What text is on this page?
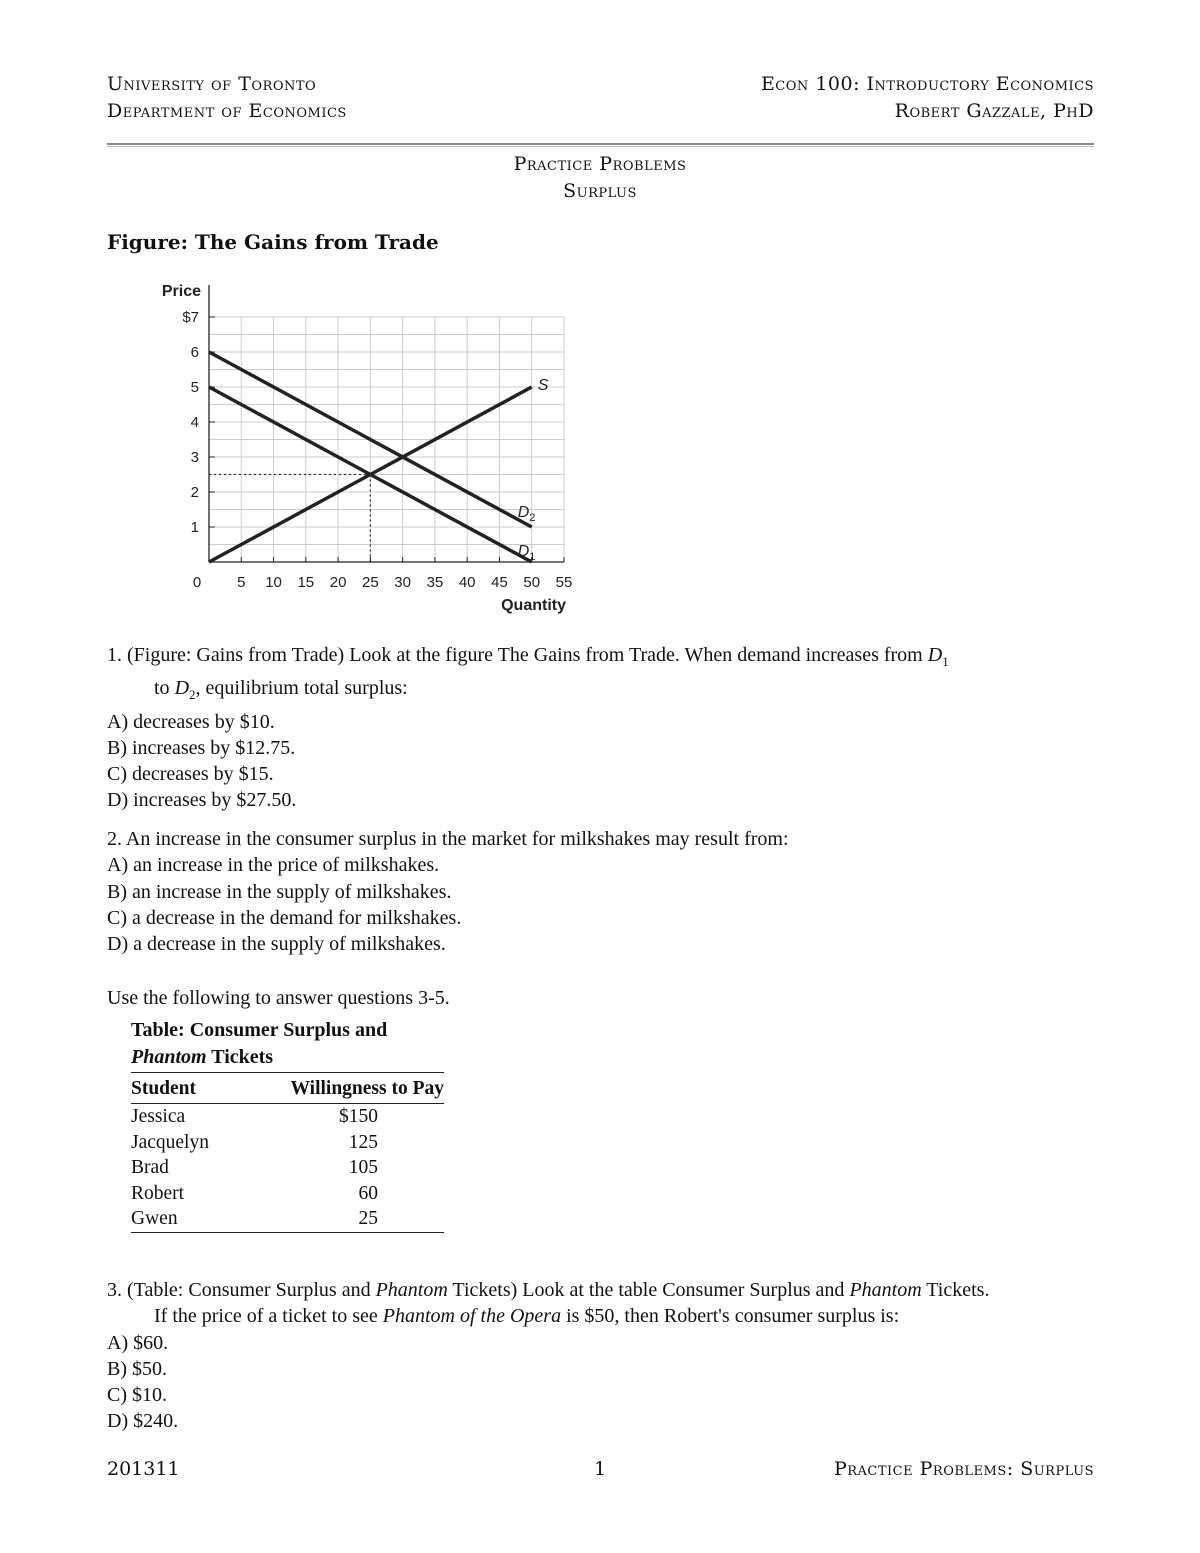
University of Toronto
Department of Economics
Econ 100: Introductory Economics
Robert Gazzale, PhD
Practice Problems
Surplus
Figure: The Gains from Trade
0 5 10 15 20 25 30 35 40 45 50 55
1
2
3
4
5
6
$7
Price
Quantity
S
$D_2$
$D_1$
1. (Figure: Gains from Trade) Look at the figure The Gains from Trade. When demand increases from $D_1$
to $D_2$, equilibrium total surplus:
A) decreases by $10.
B) increases by $12.75.
C) decreases by $15.
D) increases by $27.50.
2. An increase in the consumer surplus in the market for milkshakes may result from:
A) an increase in the price of milkshakes.
B) an increase in the supply of milkshakes.
C) a decrease in the demand for milkshakes.
D) a decrease in the supply of milkshakes.
Use the following to answer questions 3-5.
Table: Consumer Surplus and
Phantom Tickets
Student	Willingness to Pay
Jessica	$150
Jacquelyn	125
Brad	105
Robert	60
Gwen	25
3. (Table: Consumer Surplus and Phantom Tickets) Look at the table Consumer Surplus and Phantom Tickets.
If the price of a ticket to see Phantom of the Opera is $50, then Robert's consumer surplus is:
A) $60.
B) $50.
C) $10.
D) $240.
201311	1	Practice Problems: Surplus
